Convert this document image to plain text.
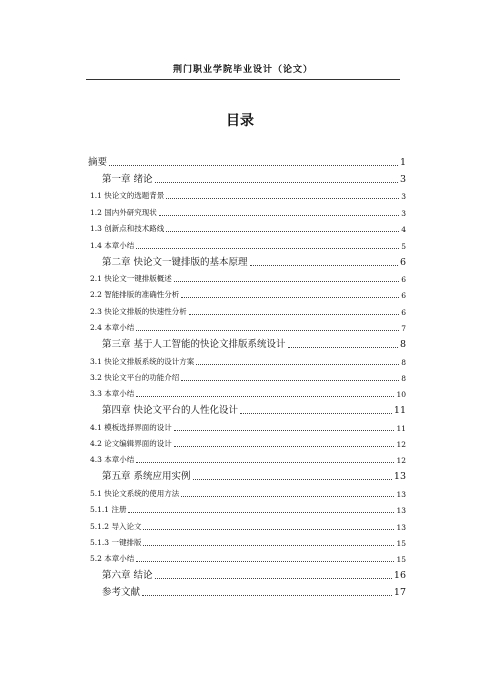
荆门职业学院毕业设计（论文）
目录
摘要	1
第一章 绪论	3
1.1 快论文的选题背景	3
1.2 国内外研究现状	3
1.3 创新点和技术路线	4
1.4 本章小结	5
第二章 快论文一键排版的基本原理	6
2.1 快论文一键排版概述	6
2.2 智能排版的准确性分析	6
2.3 快论文排版的快速性分析	6
2.4 本章小结	7
第三章 基于人工智能的快论文排版系统设计	8
3.1 快论文排版系统的设计方案	8
3.2 快论文平台的功能介绍	8
3.3 本章小结	10
第四章 快论文平台的人性化设计	11
4.1 模板选择界面的设计	11
4.2 论文编辑界面的设计	12
4.3 本章小结	12
第五章 系统应用实例	13
5.1 快论文系统的使用方法	13
5.1.1 注册	13
5.1.2 导入论文	13
5.1.3 一键排版	15
5.2 本章小结	15
第六章 结论	16
参考文献	17
